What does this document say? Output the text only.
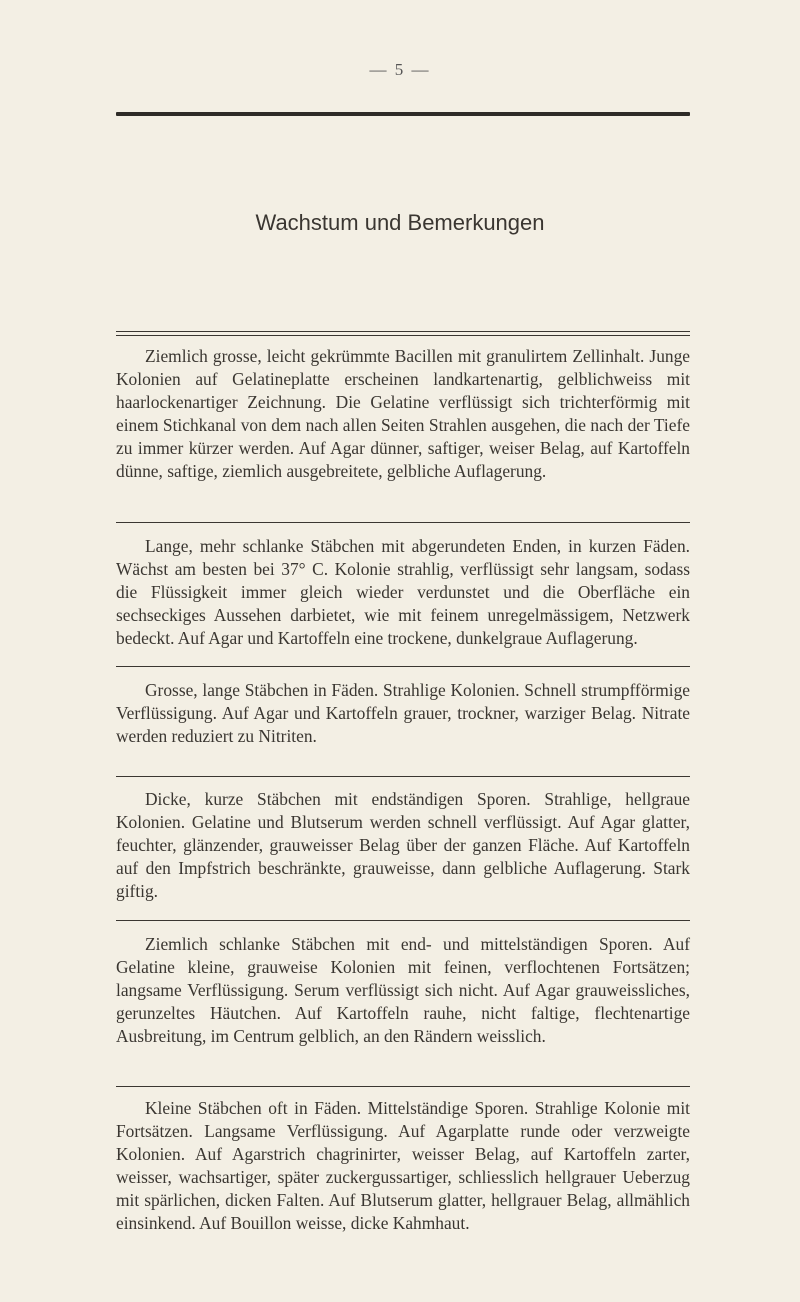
— 5 —
Wachstum und Bemerkungen

Ziemlich grosse, leicht gekrümmte Bacillen mit granulirtem Zellinhalt. Junge Kolonien auf Gelatineplatte erscheinen landkartenartig, gelblichweiss mit haarlockenartiger Zeichnung. Die Gelatine verflüssigt sich trichterförmig mit einem Stichkanal von dem nach allen Seiten Strahlen ausgehen, die nach der Tiefe zu immer kürzer werden. Auf Agar dünner, saftiger, weiser Belag, auf Kartoffeln dünne, saftige, ziemlich ausgebreitete, gelbliche Auflagerung.

Lange, mehr schlanke Stäbchen mit abgerundeten Enden, in kurzen Fäden. Wächst am besten bei 37° C. Kolonie strahlig, verflüssigt sehr langsam, sodass die Flüssigkeit immer gleich wieder verdunstet und die Oberfläche ein sechseckiges Aussehen darbietet, wie mit feinem unregelmässigem, Netzwerk bedeckt. Auf Agar und Kartoffeln eine trockene, dunkelgraue Auflagerung.

Grosse, lange Stäbchen in Fäden. Strahlige Kolonien. Schnell strumpfförmige Verflüssigung. Auf Agar und Kartoffeln grauer, trockner, warziger Belag. Nitrate werden reduziert zu Nitriten.

Dicke, kurze Stäbchen mit endständigen Sporen. Strahlige, hellgraue Kolonien. Gelatine und Blutserum werden schnell verflüssigt. Auf Agar glatter, feuchter, glänzender, grauweisser Belag über der ganzen Fläche. Auf Kartoffeln auf den Impfstrich beschränkte, grauweisse, dann gelbliche Auflagerung. Stark giftig.

Ziemlich schlanke Stäbchen mit end- und mittelständigen Sporen. Auf Gelatine kleine, grauweise Kolonien mit feinen, verflochtenen Fortsätzen; langsame Verflüssigung. Serum verflüssigt sich nicht. Auf Agar grauweissliches, gerunzeltes Häutchen. Auf Kartoffeln rauhe, nicht faltige, flechtenartige Ausbreitung, im Centrum gelblich, an den Rändern weisslich.

Kleine Stäbchen oft in Fäden. Mittelständige Sporen. Strahlige Kolonie mit Fortsätzen. Langsame Verflüssigung. Auf Agarplatte runde oder verzweigte Kolonien. Auf Agarstrich chagrinirter, weisser Belag, auf Kartoffeln zarter, weisser, wachsartiger, später zuckergussartiger, schliesslich hellgrauer Ueberzug mit spärlichen, dicken Falten. Auf Blutserum glatter, hellgrauer Belag, allmählich einsinkend. Auf Bouillon weisse, dicke Kahmhaut.
